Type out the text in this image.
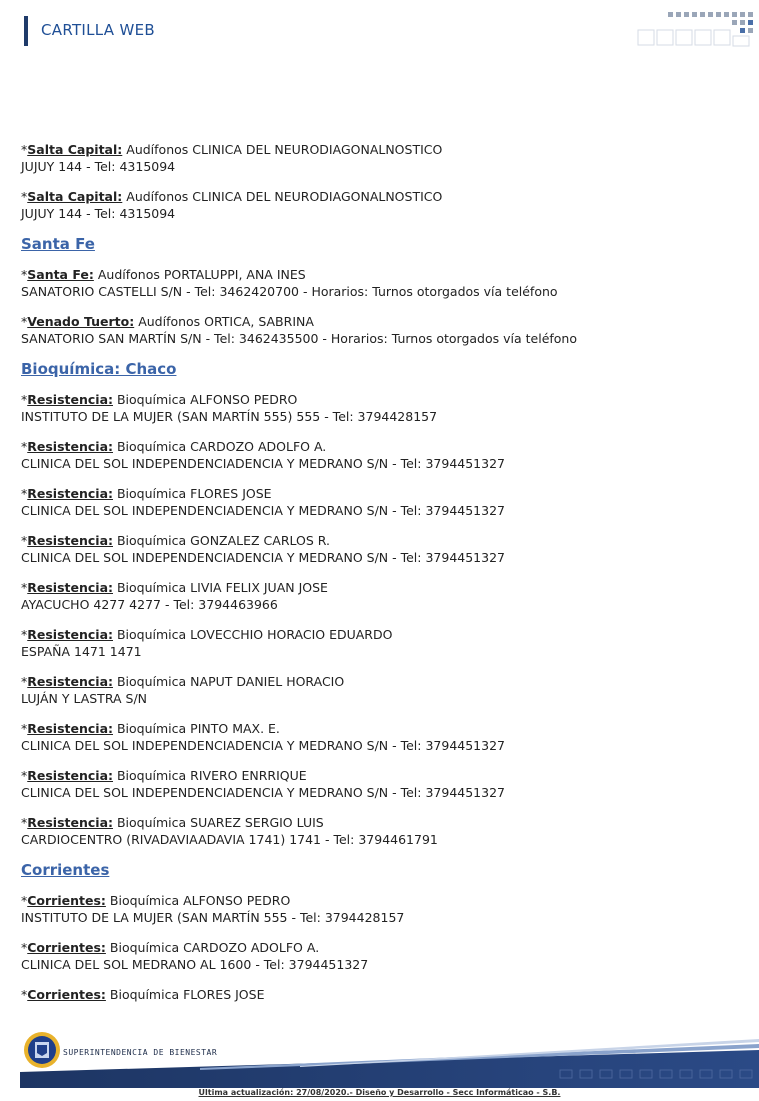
CARTILLA WEB
*Salta Capital: Audífonos CLINICA DEL NEURODIAGONALNOSTICO
JUJUY 144 - Tel: 4315094
*Salta Capital: Audífonos CLINICA DEL NEURODIAGONALNOSTICO
JUJUY 144 - Tel: 4315094
Santa Fe
*Santa Fe: Audífonos PORTALUPPI, ANA INES
SANATORIO CASTELLI S/N - Tel: 3462420700 - Horarios: Turnos otorgados vía teléfono
*Venado Tuerto: Audífonos ORTICA, SABRINA
SANATORIO SAN MARTÍN S/N - Tel: 3462435500 - Horarios: Turnos otorgados vía teléfono
Bioquímica: Chaco
*Resistencia: Bioquímica ALFONSO PEDRO
INSTITUTO DE LA MUJER (SAN MARTÍN 555) 555 - Tel: 3794428157
*Resistencia: Bioquímica CARDOZO ADOLFO A.
CLINICA DEL SOL INDEPENDENCIADENCIA Y MEDRANO S/N - Tel: 3794451327
*Resistencia: Bioquímica FLORES JOSE
CLINICA DEL SOL INDEPENDENCIADENCIA Y MEDRANO S/N - Tel: 3794451327
*Resistencia: Bioquímica GONZALEZ CARLOS R.
CLINICA DEL SOL INDEPENDENCIADENCIA Y MEDRANO S/N - Tel: 3794451327
*Resistencia: Bioquímica LIVIA FELIX JUAN JOSE
AYACUCHO 4277 4277 - Tel: 3794463966
*Resistencia: Bioquímica LOVECCHIO HORACIO EDUARDO
ESPAÑA 1471 1471
*Resistencia: Bioquímica NAPUT DANIEL HORACIO
LUJÁN Y LASTRA S/N
*Resistencia: Bioquímica PINTO MAX. E.
CLINICA DEL SOL INDEPENDENCIADENCIA Y MEDRANO S/N - Tel: 3794451327
*Resistencia: Bioquímica RIVERO ENRRIQUE
CLINICA DEL SOL INDEPENDENCIADENCIA Y MEDRANO S/N - Tel: 3794451327
*Resistencia: Bioquímica SUAREZ SERGIO LUIS
CARDIOCENTRO (RIVADAVIAADAVIA 1741) 1741 - Tel: 3794461791
Corrientes
*Corrientes: Bioquímica ALFONSO PEDRO
INSTITUTO DE LA MUJER (SAN MARTÍN 555 - Tel: 3794428157
*Corrientes: Bioquímica CARDOZO ADOLFO A.
CLINICA DEL SOL MEDRANO AL 1600 - Tel: 3794451327
*Corrientes: Bioquímica FLORES JOSE
SUPERINTENDENCIA DE BIENESTAR
Ultima actualización: 27/08/2020.- Diseño y Desarrollo - Secc Informáticao - S.B.
